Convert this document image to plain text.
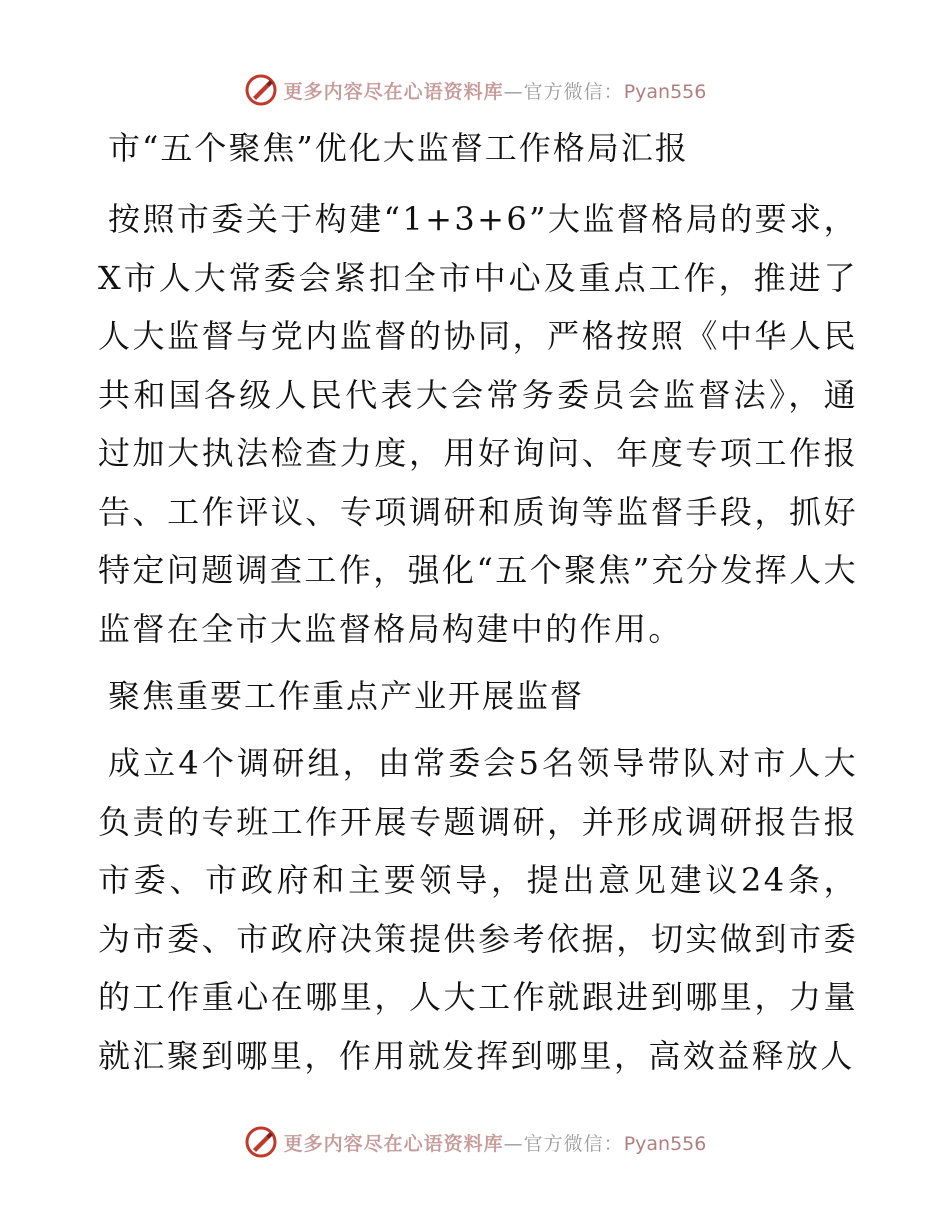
更多内容尽在心语资料库—官方微信：Pyan556
市“五个聚焦”优化大监督工作格局汇报

按照市委关于构建“1+3+6”大监督格局的要求，X市人大常委会紧扣全市中心及重点工作，推进了人大监督与党内监督的协同，严格按照《中华人民共和国各级人民代表大会常务委员会监督法》，通过加大执法检查力度，用好询问、年度专项工作报告、工作评议、专项调研和质询等监督手段，抓好特定问题调查工作，强化“五个聚焦”充分发挥人大监督在全市大监督格局构建中的作用。

聚焦重要工作重点产业开展监督

成立4个调研组，由常委会5名领导带队对市人大负责的专班工作开展专题调研，并形成调研报告报市委、市政府和主要领导，提出意见建议24条，为市委、市政府决策提供参考依据，切实做到市委的工作重心在哪里，人大工作就跟进到哪里，力量就汇聚到哪里，作用就发挥到哪里，高效益释放人

更多内容尽在心语资料库—官方微信：Pyan556
